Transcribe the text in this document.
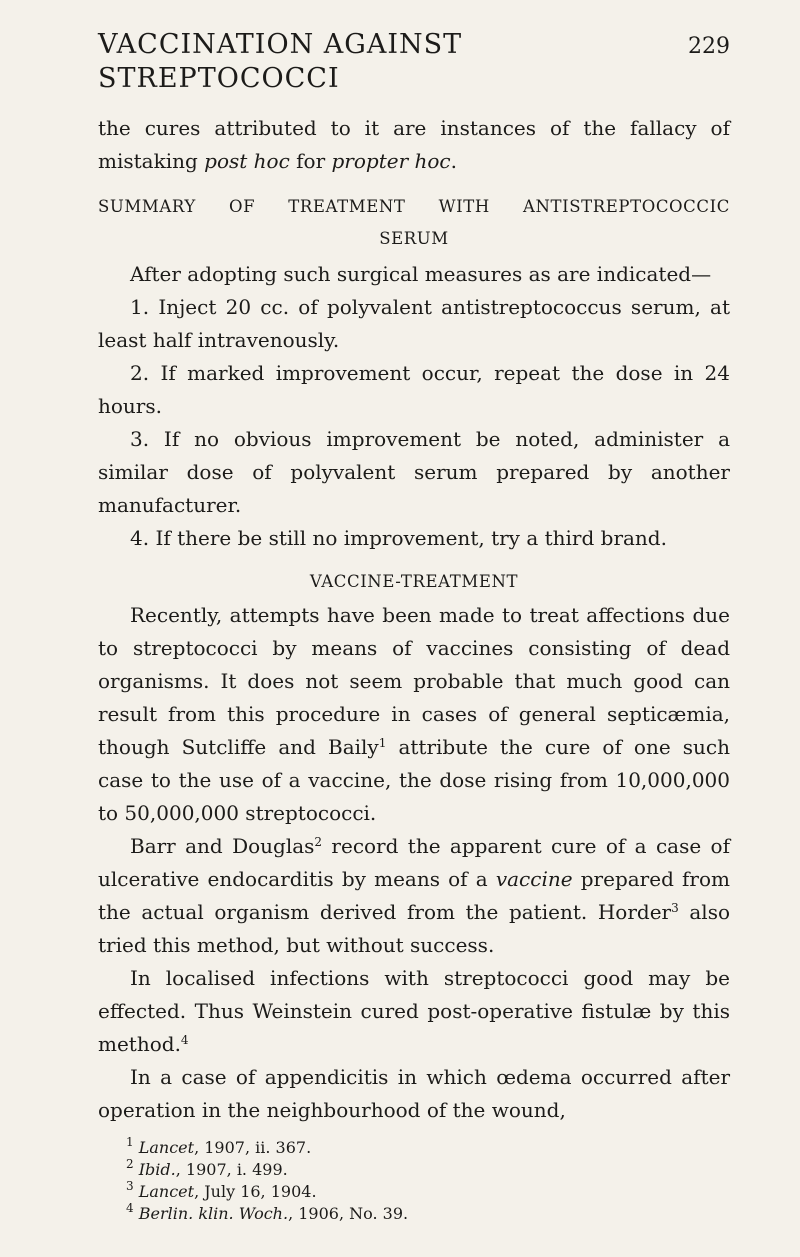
VACCINATION AGAINST STREPTOCOCCI
229

the cures attributed to it are instances of the fallacy of mistaking post hoc for propter hoc.

SUMMARY OF TREATMENT WITH ANTISTREPTOCOCCIC

SERUM

After adopting such surgical measures as are indicated—

1. Inject 20 cc. of polyvalent antistreptococcus serum, at least half intravenously.

2. If marked improvement occur, repeat the dose in 24 hours.

3. If no obvious improvement be noted, administer a similar dose of polyvalent serum prepared by another manufacturer.

4. If there be still no improvement, try a third brand.

VACCINE-TREATMENT

Recently, attempts have been made to treat affections due to streptococci by means of vaccines consisting of dead organisms. It does not seem probable that much good can result from this procedure in cases of general septicæmia, though Sutcliffe and Baily$^1$ attribute the cure of one such case to the use of a vaccine, the dose rising from 10,000,000 to 50,000,000 streptococci.

Barr and Douglas$^2$ record the apparent cure of a case of ulcerative endocarditis by means of a vaccine prepared from the actual organism derived from the patient. Horder$^3$ also tried this method, but without success.

In localised infections with streptococci good may be effected. Thus Weinstein cured post-operative fistulæ by this method.$^4$

In a case of appendicitis in which œdema occurred after operation in the neighbourhood of the wound,

$^1$ Lancet, 1907, ii. 367.
$^2$ Ibid., 1907, i. 499.
$^3$ Lancet, July 16, 1904.
$^4$ Berlin. klin. Woch., 1906, No. 39.
